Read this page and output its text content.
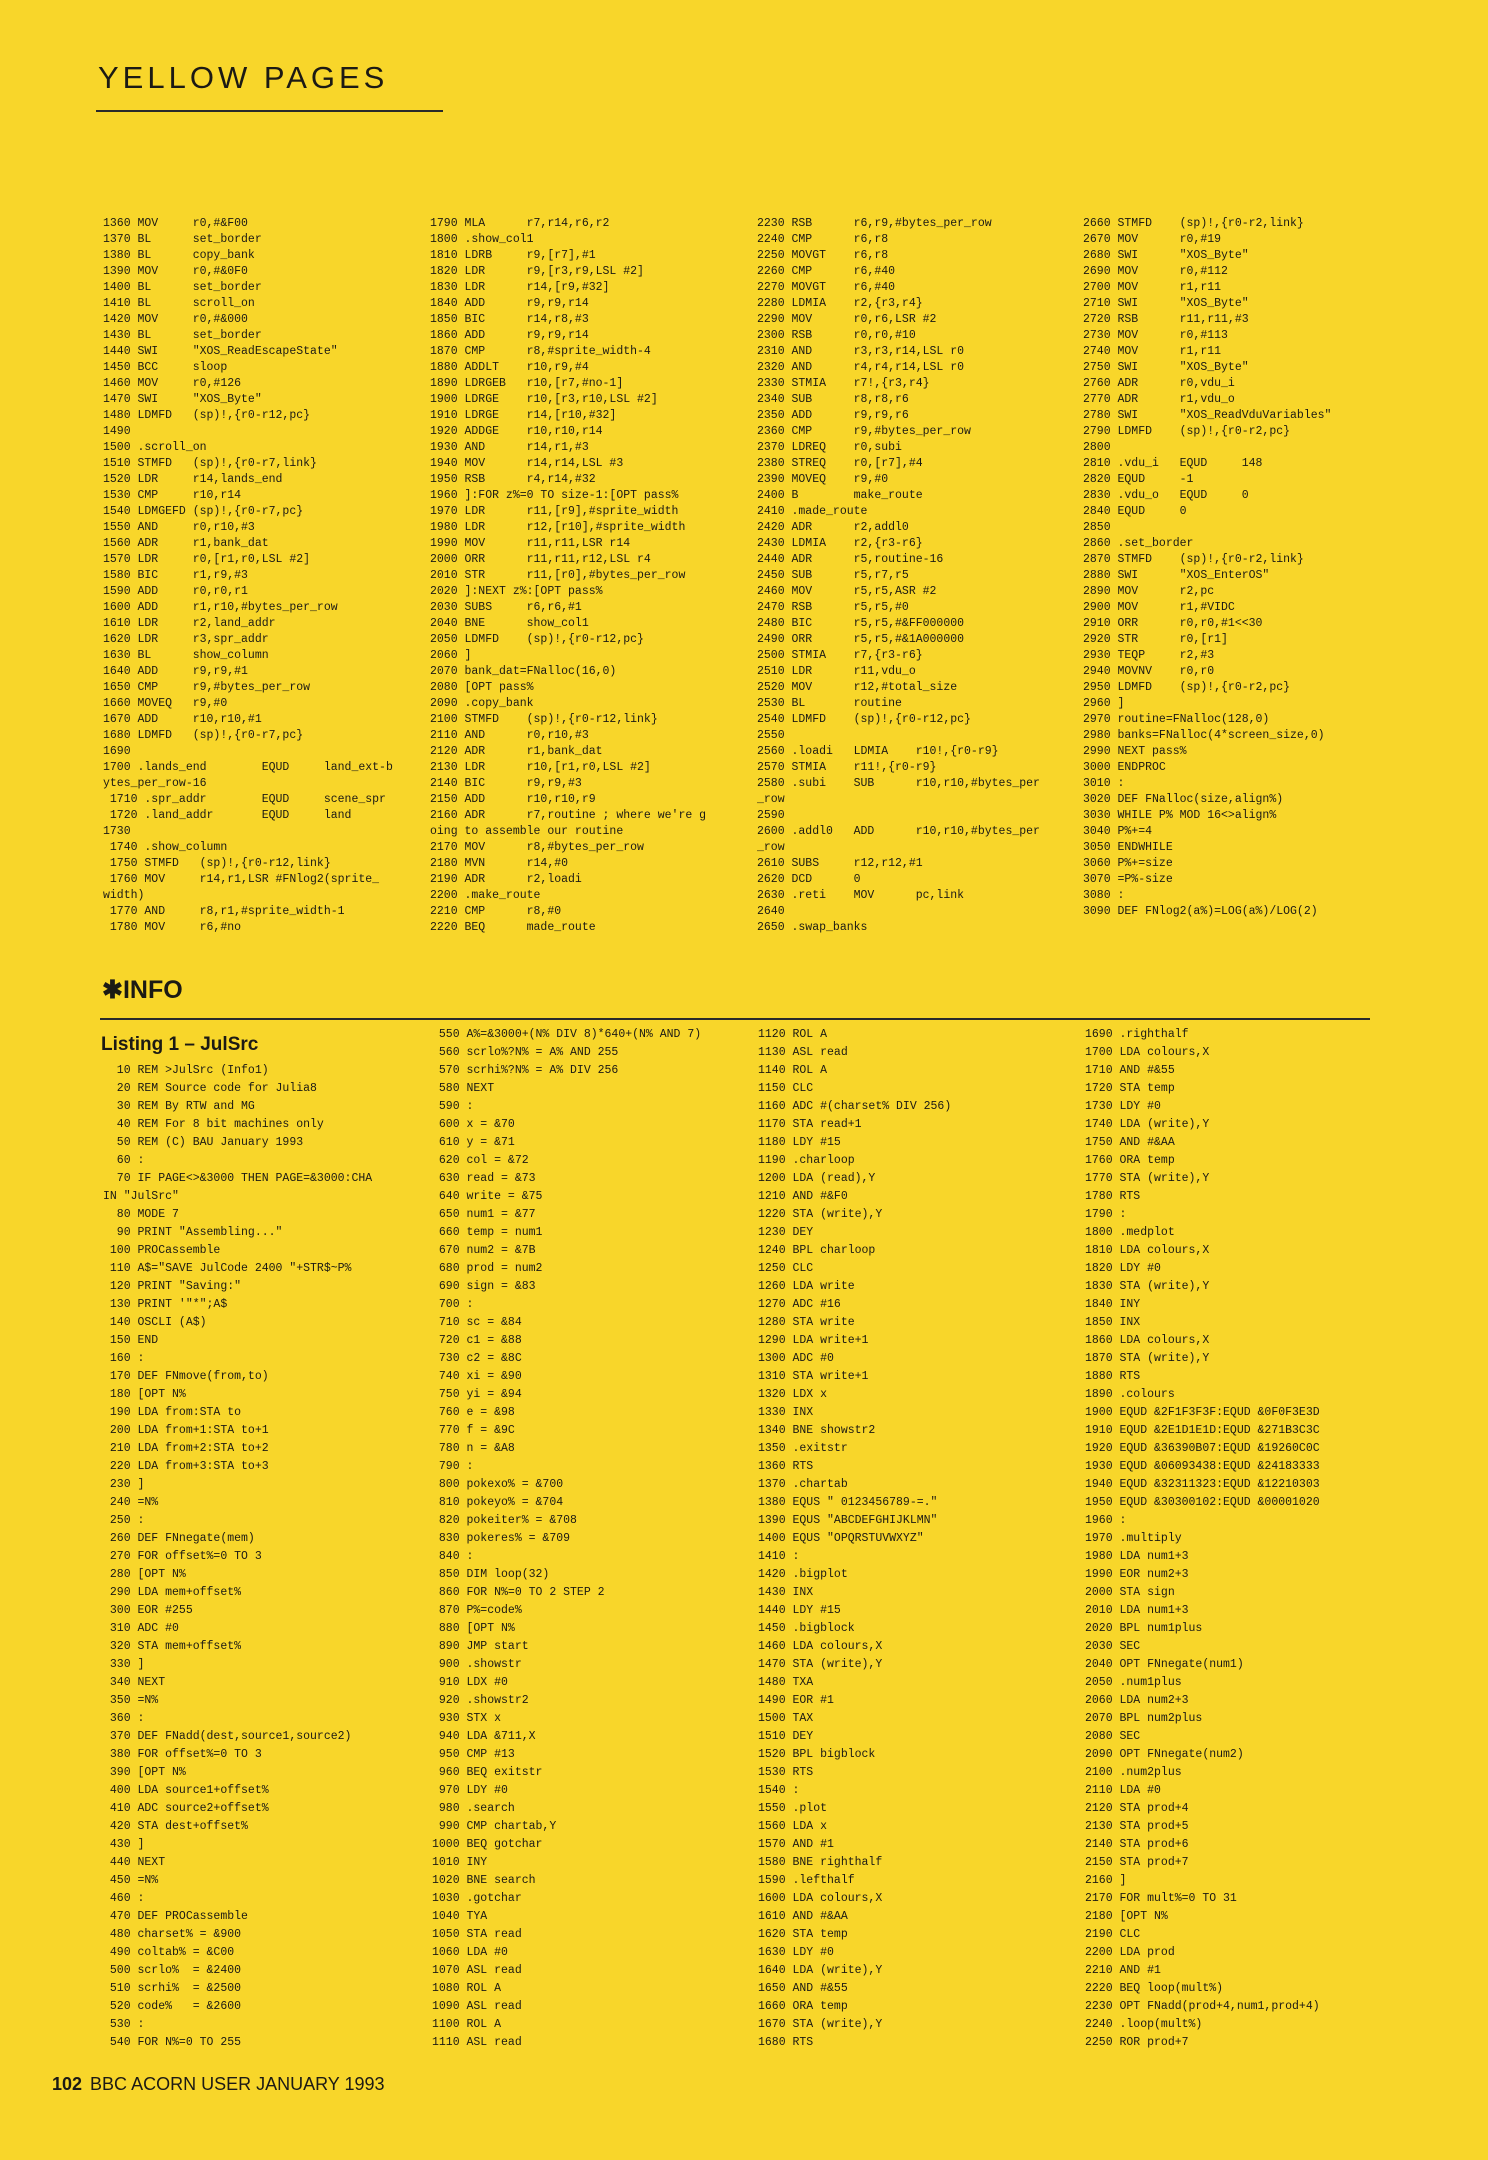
YELLOW PAGES
1360 MOV     r0,#&F00
1370 BL      set_border
1380 BL      copy_bank
1390 MOV     r0,#&0F0
1400 BL      set_border
1410 BL      scroll_on
1420 MOV     r0,#&000
1430 BL      set_border
1440 SWI     "XOS_ReadEscapeState"
1450 BCC     sloop
1460 MOV     r0,#126
1470 SWI     "XOS_Byte"
1480 LDMFD   (sp)!,{r0-r12,pc}
1490
1500 .scroll_on
1510 STMFD   (sp)!,{r0-r7,link}
1520 LDR     r14,lands_end
1530 CMP     r10,r14
1540 LDMGEFD (sp)!,{r0-r7,pc}
1550 AND     r0,r10,#3
1560 ADR     r1,bank_dat
1570 LDR     r0,[r1,r0,LSL #2]
1580 BIC     r1,r9,#3
1590 ADD     r0,r0,r1
1600 ADD     r1,r10,#bytes_per_row
1610 LDR     r2,land_addr
1620 LDR     r3,spr_addr
1630 BL      show_column
1640 ADD     r9,r9,#1
1650 CMP     r9,#bytes_per_row
1660 MOVEQ   r9,#0
1670 ADD     r10,r10,#1
1680 LDMFD   (sp)!,{r0-r7,pc}
1690
1700 .lands_end        EQUD     land_ext-b
ytes_per_row-16
1710 .spr_addr        EQUD     scene_spr
1720 .land_addr       EQUD     land
1730
1740 .show_column
1750 STMFD   (sp)!,{r0-r12,link}
1760 MOV     r14,r1,LSR #FNlog2(sprite_
width)
1770 AND     r8,r1,#sprite_width-1
1780 MOV     r6,#no
1790 MLA      r7,r14,r6,r2
1800 .show_col1
1810 LDRB     r9,[r7],#1
1820 LDR      r9,[r3,r9,LSL #2]
1830 LDR      r14,[r9,#32]
1840 ADD      r9,r9,r14
1850 BIC      r14,r8,#3
1860 ADD      r9,r9,r14
1870 CMP      r8,#sprite_width-4
1880 ADDLT    r10,r9,#4
1890 LDRGEB   r10,[r7,#no-1]
1900 LDRGE    r10,[r3,r10,LSL #2]
1910 LDRGE    r14,[r10,#32]
1920 ADDGE    r10,r10,r14
1930 AND      r14,r1,#3
1940 MOV      r14,r14,LSL #3
1950 RSB      r4,r14,#32
1960 ]:FOR z%=0 TO size-1:[OPT pass%
1970 LDR      r11,[r9],#sprite_width
1980 LDR      r12,[r10],#sprite_width
1990 MOV      r11,r11,LSR r14
2000 ORR      r11,r11,r12,LSL r4
2010 STR      r11,[r0],#bytes_per_row
2020 ]:NEXT z%:[OPT pass%
2030 SUBS     r6,r6,#1
2040 BNE      show_col1
2050 LDMFD    (sp)!,{r0-r12,pc}
2060 ]
2070 bank_dat=FNalloc(16,0)
2080 [OPT pass%
2090 .copy_bank
2100 STMFD    (sp)!,{r0-r12,link}
2110 AND      r0,r10,#3
2120 ADR      r1,bank_dat
2130 LDR      r10,[r1,r0,LSL #2]
2140 BIC      r9,r9,#3
2150 ADD      r10,r10,r9
2160 ADR      r7,routine ; where we're g
oing to assemble our routine
2170 MOV      r8,#bytes_per_row
2180 MVN      r14,#0
2190 ADR      r2,loadi
2200 .make_route
2210 CMP      r8,#0
2220 BEQ      made_route
2230 RSB      r6,r9,#bytes_per_row
2240 CMP      r6,r8
2250 MOVGT    r6,r8
2260 CMP      r6,#40
2270 MOVGT    r6,#40
2280 LDMIA    r2,{r3,r4}
2290 MOV      r0,r6,LSR #2
2300 RSB      r0,r0,#10
2310 AND      r3,r3,r14,LSL r0
2320 AND      r4,r4,r14,LSL r0
2330 STMIA    r7!,{r3,r4}
2340 SUB      r8,r8,r6
2350 ADD      r9,r9,r6
2360 CMP      r9,#bytes_per_row
2370 LDREQ    r0,subi
2380 STREQ    r0,[r7],#4
2390 MOVEQ    r9,#0
2400 B        make_route
2410 .made_route
2420 ADR      r2,addl0
2430 LDMIA    r2,{r3-r6}
2440 ADR      r5,routine-16
2450 SUB      r5,r7,r5
2460 MOV      r5,r5,ASR #2
2470 RSB      r5,r5,#0
2480 BIC      r5,r5,#&FF000000
2490 ORR      r5,r5,#&1A000000
2500 STMIA    r7,{r3-r6}
2510 LDR      r11,vdu_o
2520 MOV      r12,#total_size
2530 BL       routine
2540 LDMFD    (sp)!,{r0-r12,pc}
2550
2560 .loadi   LDMIA    r10!,{r0-r9}
2570 STMIA    r11!,{r0-r9}
2580 .subi    SUB      r10,r10,#bytes_per
_row
2590
2600 .addl0   ADD      r10,r10,#bytes_per
_row
2610 SUBS     r12,r12,#1
2620 DCD      0
2630 .reti    MOV      pc,link
2640
2650 .swap_banks
2660 STMFD    (sp)!,{r0-r2,link}
2670 MOV      r0,#19
2680 SWI      "XOS_Byte"
2690 MOV      r0,#112
2700 MOV      r1,r11
2710 SWI      "XOS_Byte"
2720 RSB      r11,r11,#3
2730 MOV      r0,#113
2740 MOV      r1,r11
2750 SWI      "XOS_Byte"
2760 ADR      r0,vdu_i
2770 ADR      r1,vdu_o
2780 SWI      "XOS_ReadVduVariables"
2790 LDMFD    (sp)!,{r0-r2,pc}
2800
2810 .vdu_i   EQUD     148
2820 EQUD     -1
2830 .vdu_o   EQUD     0
2840 EQUD     0
2850
2860 .set_border
2870 STMFD    (sp)!,{r0-r2,link}
2880 SWI      "XOS_EnterOS"
2890 MOV      r2,pc
2900 MOV      r1,#VIDC
2910 ORR      r0,r0,#1<<30
2920 STR      r0,[r1]
2930 TEQP     r2,#3
2940 MOVNV    r0,r0
2950 LDMFD    (sp)!,{r0-r2,pc}
2960 ]
2970 routine=FNalloc(128,0)
2980 banks=FNalloc(4*screen_size,0)
2990 NEXT pass%
3000 ENDPROC
3010 :
3020 DEF FNalloc(size,align%)
3030 WHILE P% MOD 16<>align%
3040 P%+=4
3050 ENDWHILE
3060 P%+=size
3070 =P%-size
3080 :
3090 DEF FNlog2(a%)=LOG(a%)/LOG(2)
✱INFO
Listing 1 – JulSrc
10 REM >JulSrc (Info1)
20 REM Source code for Julia8
30 REM By RTW and MG
40 REM For 8 bit machines only
50 REM (C) BAU January 1993
60 :
70 IF PAGE<>&3000 THEN PAGE=&3000:CHA
IN "JulSrc"
80 MODE 7
90 PRINT "Assembling..."
100 PROCassemble
110 A$="SAVE JulCode 2400 "+STR$~P%
120 PRINT "Saving:"
130 PRINT '"*";A$
140 OSCLI (A$)
150 END
160 :
170 DEF FNmove(from,to)
180 [OPT N%
190 LDA from:STA to
200 LDA from+1:STA to+1
210 LDA from+2:STA to+2
220 LDA from+3:STA to+3
230 ]
240 =N%
250 :
260 DEF FNnegate(mem)
270 FOR offset%=0 TO 3
280 [OPT N%
290 LDA mem+offset%
300 EOR #255
310 ADC #0
320 STA mem+offset%
330 ]
340 NEXT
350 =N%
360 :
370 DEF FNadd(dest,source1,source2)
380 FOR offset%=0 TO 3
390 [OPT N%
400 LDA source1+offset%
410 ADC source2+offset%
420 STA dest+offset%
430 ]
440 NEXT
450 =N%
460 :
470 DEF PROCassemble
480 charset% = &900
490 coltab% = &C00
500 scrlo%  = &2400
510 scrhi%  = &2500
520 code%   = &2600
530 :
540 FOR N%=0 TO 255
550 A%=&3000+(N% DIV 8)*640+(N% AND 7)
560 scrlo%?N% = A% AND 255
570 scrhi%?N% = A% DIV 256
580 NEXT
590 :
600 x = &70
610 y = &71
620 col = &72
630 read = &73
640 write = &75
650 num1 = &77
660 temp = num1
670 num2 = &7B
680 prod = num2
690 sign = &83
700 :
710 sc = &84
720 c1 = &88
730 c2 = &8C
740 xi = &90
750 yi = &94
760 e = &98
770 f = &9C
780 n = &A8
790 :
800 pokexo% = &700
810 pokeyo% = &704
820 pokeiter% = &708
830 pokeres% = &709
840 :
850 DIM loop(32)
860 FOR N%=0 TO 2 STEP 2
870 P%=code%
880 [OPT N%
890 JMP start
900 .showstr
910 LDX #0
920 .showstr2
930 STX x
940 LDA &711,X
950 CMP #13
960 BEQ exitstr
970 LDY #0
980 .search
990 CMP chartab,Y
1000 BEQ gotchar
1010 INY
1020 BNE search
1030 .gotchar
1040 TYA
1050 STA read
1060 LDA #0
1070 ASL read
1080 ROL A
1090 ASL read
1100 ROL A
1110 ASL read
1120 ROL A
1130 ASL read
1140 ROL A
1150 CLC
1160 ADC #(charset% DIV 256)
1170 STA read+1
1180 LDY #15
1190 .charloop
1200 LDA (read),Y
1210 AND #&F0
1220 STA (write),Y
1230 DEY
1240 BPL charloop
1250 CLC
1260 LDA write
1270 ADC #16
1280 STA write
1290 LDA write+1
1300 ADC #0
1310 STA write+1
1320 LDX x
1330 INX
1340 BNE showstr2
1350 .exitstr
1360 RTS
1370 .chartab
1380 EQUS " 0123456789-=."
1390 EQUS "ABCDEFGHIJKLMN"
1400 EQUS "OPQRSTUVWXYZ"
1410 :
1420 .bigplot
1430 INX
1440 LDY #15
1450 .bigblock
1460 LDA colours,X
1470 STA (write),Y
1480 TXA
1490 EOR #1
1500 TAX
1510 DEY
1520 BPL bigblock
1530 RTS
1540 :
1550 .plot
1560 LDA x
1570 AND #1
1580 BNE righthalf
1590 .lefthalf
1600 LDA colours,X
1610 AND #&AA
1620 STA temp
1630 LDY #0
1640 LDA (write),Y
1650 AND #&55
1660 ORA temp
1670 STA (write),Y
1680 RTS
1690 .righthalf
1700 LDA colours,X
1710 AND #&55
1720 STA temp
1730 LDY #0
1740 LDA (write),Y
1750 AND #&AA
1760 ORA temp
1770 STA (write),Y
1780 RTS
1790 :
1800 .medplot
1810 LDA colours,X
1820 LDY #0
1830 STA (write),Y
1840 INY
1850 INX
1860 LDA colours,X
1870 STA (write),Y
1880 RTS
1890 .colours
1900 EQUD &2F1F3F3F:EQUD &0F0F3E3D
1910 EQUD &2E1D1E1D:EQUD &271B3C3C
1920 EQUD &36390B07:EQUD &19260C0C
1930 EQUD &06093438:EQUD &24183333
1940 EQUD &32311323:EQUD &12210303
1950 EQUD &30300102:EQUD &00001020
1960 :
1970 .multiply
1980 LDA num1+3
1990 EOR num2+3
2000 STA sign
2010 LDA num1+3
2020 BPL num1plus
2030 SEC
2040 OPT FNnegate(num1)
2050 .num1plus
2060 LDA num2+3
2070 BPL num2plus
2080 SEC
2090 OPT FNnegate(num2)
2100 .num2plus
2110 LDA #0
2120 STA prod+4
2130 STA prod+5
2140 STA prod+6
2150 STA prod+7
2160 ]
2170 FOR mult%=0 TO 31
2180 [OPT N%
2190 CLC
2200 LDA prod
2210 AND #1
2220 BEQ loop(mult%)
2230 OPT FNadd(prod+4,num1,prod+4)
2240 .loop(mult%)
2250 ROR prod+7
102 BBC ACORN USER JANUARY 1993
